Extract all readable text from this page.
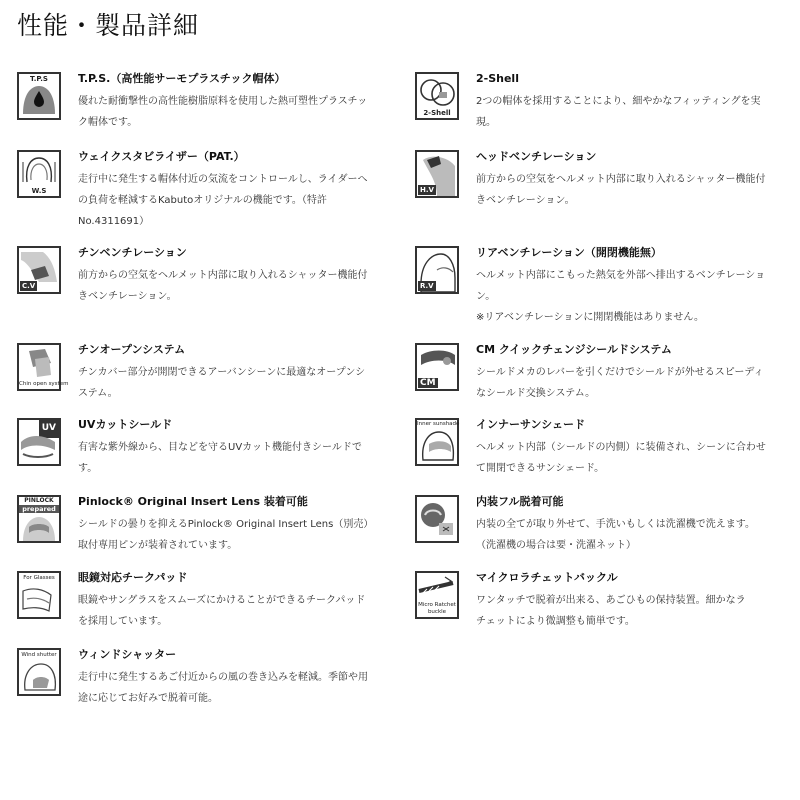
性能・製品詳細
T.P.S	T.P.S.（高性能サーモプラスチック帽体）
優れた耐衝撃性の高性能樹脂原料を使用した熱可塑性プラスチッ
ク帽体です。
2-Shell
2-Shell
2つの帽体を採用することにより、細やかなフィッティングを実
現。
W.S
ウェイクスタビライザー（PAT.）
走行中に発生する帽体付近の気流をコントロールし、ライダーへ
の負荷を軽減するKabutoオリジナルの機能です。（特許
No.4311691）
H.V
ヘッドベンチレーション
前方からの空気をヘルメット内部に取り入れるシャッター機能付
きベンチレーション。
C.V
チンベンチレーション
前方からの空気をヘルメット内部に取り入れるシャッター機能付
きベンチレーション。
R.V
リアベンチレーション（開閉機能無）
ヘルメット内部にこもった熱気を外部へ排出するベンチレーショ
ン。
※リアベンチレーションに開閉機能はありません。
Chin open system
チンオープンシステム
チンカバー部分が開閉できるアーバンシーンに最適なオープンシ
ステム。
CM
CM クイックチェンジシールドシステム
シールドメカのレバーを引くだけでシールドが外せるスピーディ
なシールド交換システム。
UV UVカットシールド
有害な紫外線から、目などを守るUVカット機能付きシールドで
す。
Inner sunshade インナーサンシェード
ヘルメット内部（シールドの内側）に装備され、シーンに合わせ
て開閉できるサンシェード。
PINLOCK
prepared
Pinlock® Original Insert Lens 装着可能
シールドの曇りを抑えるPinlock® Original Insert Lens（別売）
取付専用ピンが装着されています。
内装フル脱着可能
内装の全てが取り外せて、手洗いもしくは洗濯機で洗えます。
（洗濯機の場合は要・洗濯ネット）
For Glasses	眼鏡対応チークパッド
眼鏡やサングラスをスムーズにかけることができるチークパッド
を採用しています。
Micro Ratchet
buckle
マイクロラチェットバックル
ワンタッチで脱着が出来る、あごひもの保持装置。細かなラ
チェットにより微調整も簡単です。
Wind shutter ウィンドシャッター
走行中に発生するあご付近からの風の巻き込みを軽減。季節や用
途に応じてお好みで脱着可能。
